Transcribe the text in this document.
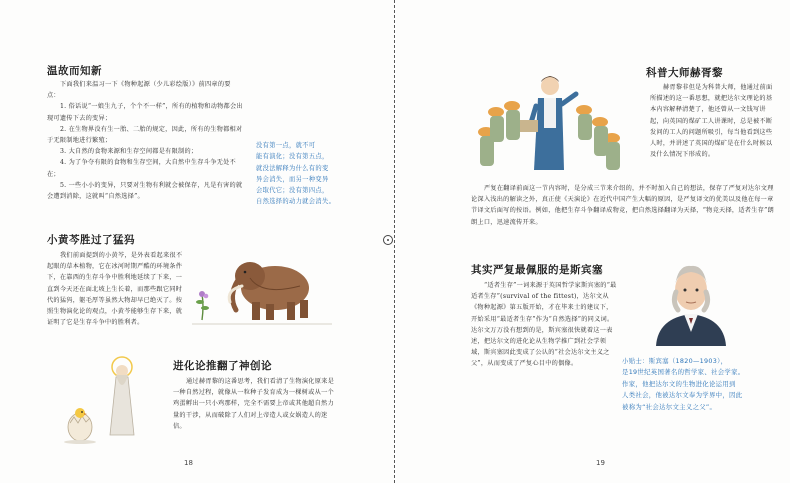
温故而知新

下面我们来温习一下《物种起源（少儿彩绘版）》前四章的要点：

1. 俗话说“一娘生九子，个个不一样”，所有的植物和动物都会出现可遗传下去的变异；

2. 在生物界没有生一胎、二胎的规定，因此，所有的生物都相对于无限制地进行繁殖；

3. 大自然的食物来源和生存空间都是有限制的；

4. 为了争夺有限的食物和生存空间，大自然中生存斗争无处不在；

5. 一些小小的变异，只要对生物有利就会被保存，凡是有害的就会遭到消除，这就叫“自然选择”。

没有第一点，就不可
能有演化；没有第五点，
就没法解释为什么有的变
异会消失，而另一种变异
会取代它；没有第四点，
自然选择的动力就会消失。
小黄芩胜过了猛犸

我们前面提到的小黄芩，是外表看起来很不起眼的草本植物，它在冰河时期严酷的环境条件下，在靠西的生存斗争中胜利地延续了下来，一直到今天还在面北坡上生长着，而那些跟它同时代的猛犸，躯毛厚等虽然大物却早已绝灭了。按照生物演化论的观点，小黄芩能够生存下来，就证明了它是生存斗争中的胜利者。

进化论推翻了神创论

通过赫胥黎的这番思考，我们看清了生物演化原来是一种自然过程，就像从一粒种子发育成为一棵树或从一个鸡蛋孵出一只小鸡那样，完全不需要上帝或其他超自然力量的干涉，从而破除了人们对上帝造人或女娲造人的迷信。

18
科普大师赫胥黎

赫胥黎非但是为科普大师，他通过前面所描述的这一番思想，就把达尔文理论的基本内容解释清楚了，他还曾从一文钱写讲起，向英国的煤矿工人讲课时，总是被不断发问的工人的问题所吸引，每当他看到这些人时，并讲述了英国的煤矿是在什么时候以及什么情况下形成的。

严复在翻译前面这一节内容时，是分成三节来介绍的，并不时加入自己的想法，保存了严复对达尔文理论深入浅出的解读之外，真正使《天演论》在近代中国产生大幅的原因，是严复译文的优美以及他在每一章节译文后面写的按语。例如，他把生存斗争翻译成物竞，把自然选择翻译为天择，“物竞天择，适者生存”朗朗上口，迅速流传开来。

其实严复最佩服的是斯宾塞

“适者生存”一词来源于英国哲学家斯宾塞的“最适者生存”(survival of the fittest)，达尔文从《物种起源》第五版开始，才在毕来士的建议下，开始采用“最适者生存”作为“自然选择”的同义词。达尔文万万没有想到的是，斯宾塞很快就着这一表述，把达尔文的进化论从生物学推广到社会学领域，斯宾塞因此变成了公认的“社会达尔文主义之父”，从而变成了严复心目中的偶像。	小贴士：斯宾塞（1820—1903），
是19世纪英国著名的哲学家、社会学家。
作家，他把达尔文的生物进化论运用到
人类社会，他被达尔文奉为学界中，因此
被称为“社会达尔文主义之父”。
19
